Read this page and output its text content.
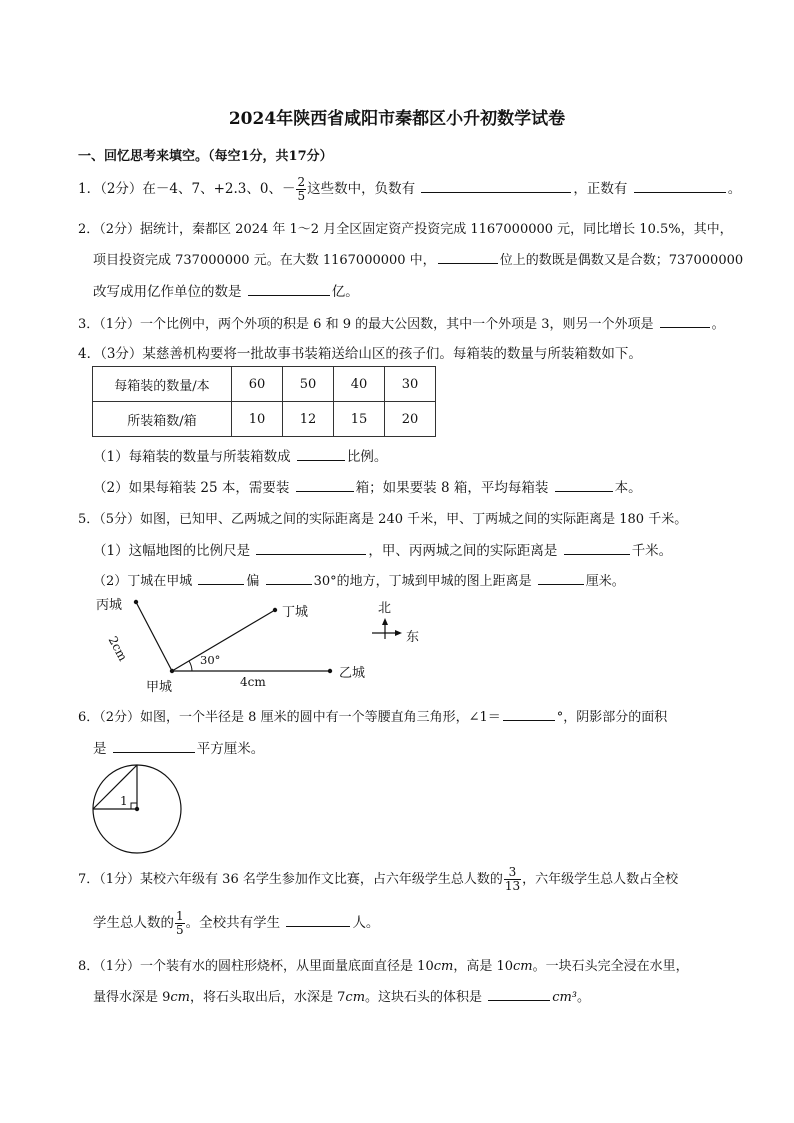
2024年陕西省咸阳市秦都区小升初数学试卷
一、回忆思考来填空。（每空1分，共17分）
1．（2分）在－4、7、+2.3、0、－ $\frac{2}{5}$ 这些数中，负数有	，正数有	。
2．（2分）据统计，秦都区 2024 年 1～2 月全区固定资产投资完成 1167000000 元，同比增长 10.5%，其中，
项目投资完成 737000000 元。在大数 1167000000 中，	位上的数既是偶数又是合数；737000000
改写成用亿作单位的数是	亿。
3．（1分）一个比例中，两个外项的积是 6 和 9 的最大公因数，其中一个外项是 3，则另一个外项是	。
4．（3分）某慈善机构要将一批故事书装箱送给山区的孩子们。每箱装的数量与所装箱数如下。
每箱装的数量/本	60	50	40	30
所装箱数/箱	10	12	15	20
（1）每箱装的数量与所装箱数成	比例。
（2）如果每箱装 25 本，需要装	箱；如果要装 8 箱，平均每箱装	本。
5．（5分）如图，已知甲、乙两城之间的实际距离是 240 千米，甲、丁两城之间的实际距离是 180 千米。
（1）这幅地图的比例尺是	，甲、丙两城之间的实际距离是	千米。
（2）丁城在甲城	偏	30°的地方，丁城到甲城的图上距离是	厘米。
丙城	丁城
甲城
乙城
2cm
4cm
30°
北
东
6．（2分）如图，一个半径是 8 厘米的圆中有一个等腰直角三角形，∠1＝	°，阴影部分的面积
是	平方厘米。
1
7．（1分）某校六年级有 36 名学生参加作文比赛，占六年级学生总人数的 $\frac{3}{13}$ ，六年级学生总人数占全校
学生总人数的 $\frac{1}{5}$ 。全校共有学生	人。
8．（1分）一个装有水的圆柱形烧杯，从里面量底面直径是 10cm，高是 10cm。一块石头完全浸在水里，
量得水深是 9cm，将石头取出后，水深是 7cm。这块石头的体积是	cm³。
